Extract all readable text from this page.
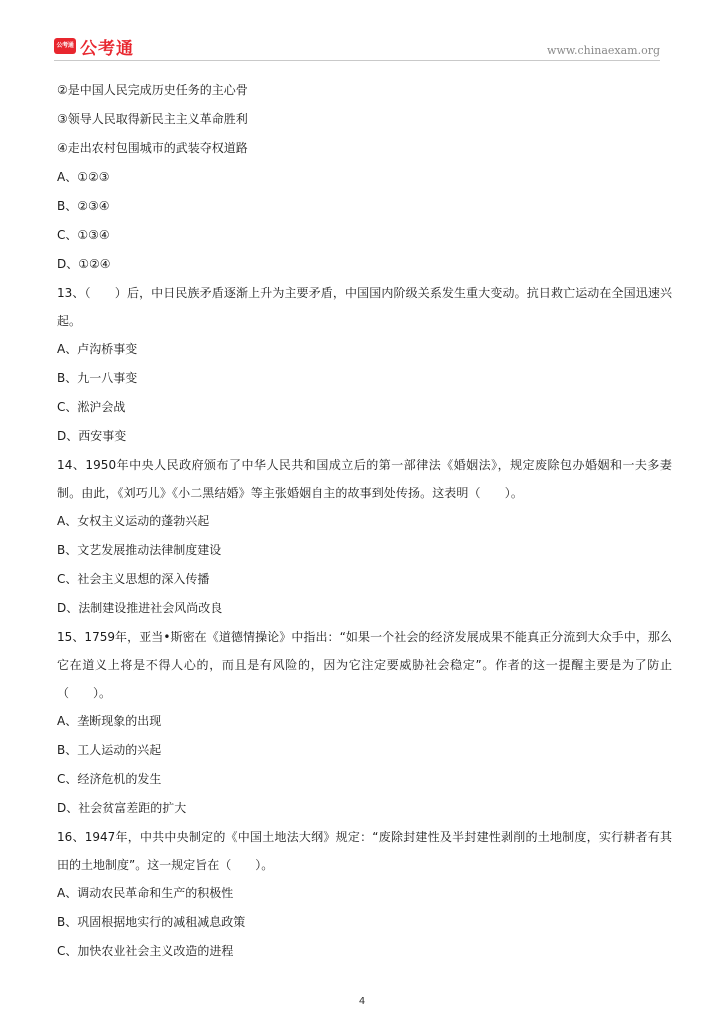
公考通 公考通	www.chinaexam.org
②是中国人民完成历史任务的主心骨
③领导人民取得新民主主义革命胜利
④走出农村包围城市的武装夺权道路
A、①②③
B、②③④
C、①③④
D、①②④
13、（　　）后，中日民族矛盾逐渐上升为主要矛盾，中国国内阶级关系发生重大变动。抗日救亡运动在全国迅速兴起。
A、卢沟桥事变
B、九一八事变
C、淞沪会战
D、西安事变
14、1950年中央人民政府颁布了中华人民共和国成立后的第一部律法《婚姻法》，规定废除包办婚姻和一夫多妻制。由此，《刘巧儿》《小二黑结婚》等主张婚姻自主的故事到处传扬。这表明（　　）。
A、女权主义运动的蓬勃兴起
B、文艺发展推动法律制度建设
C、社会主义思想的深入传播
D、法制建设推进社会风尚改良
15、1759年，亚当•斯密在《道德情操论》中指出：“如果一个社会的经济发展成果不能真正分流到大众手中，那么它在道义上将是不得人心的，而且是有风险的，因为它注定要威胁社会稳定”。作者的这一提醒主要是为了防止（　　）。
A、垄断现象的出现
B、工人运动的兴起
C、经济危机的发生
D、社会贫富差距的扩大
16、1947年，中共中央制定的《中国土地法大纲》规定：“废除封建性及半封建性剥削的土地制度，实行耕者有其田的土地制度”。这一规定旨在（　　）。
A、调动农民革命和生产的积极性
B、巩固根据地实行的减租减息政策
C、加快农业社会主义改造的进程
4
